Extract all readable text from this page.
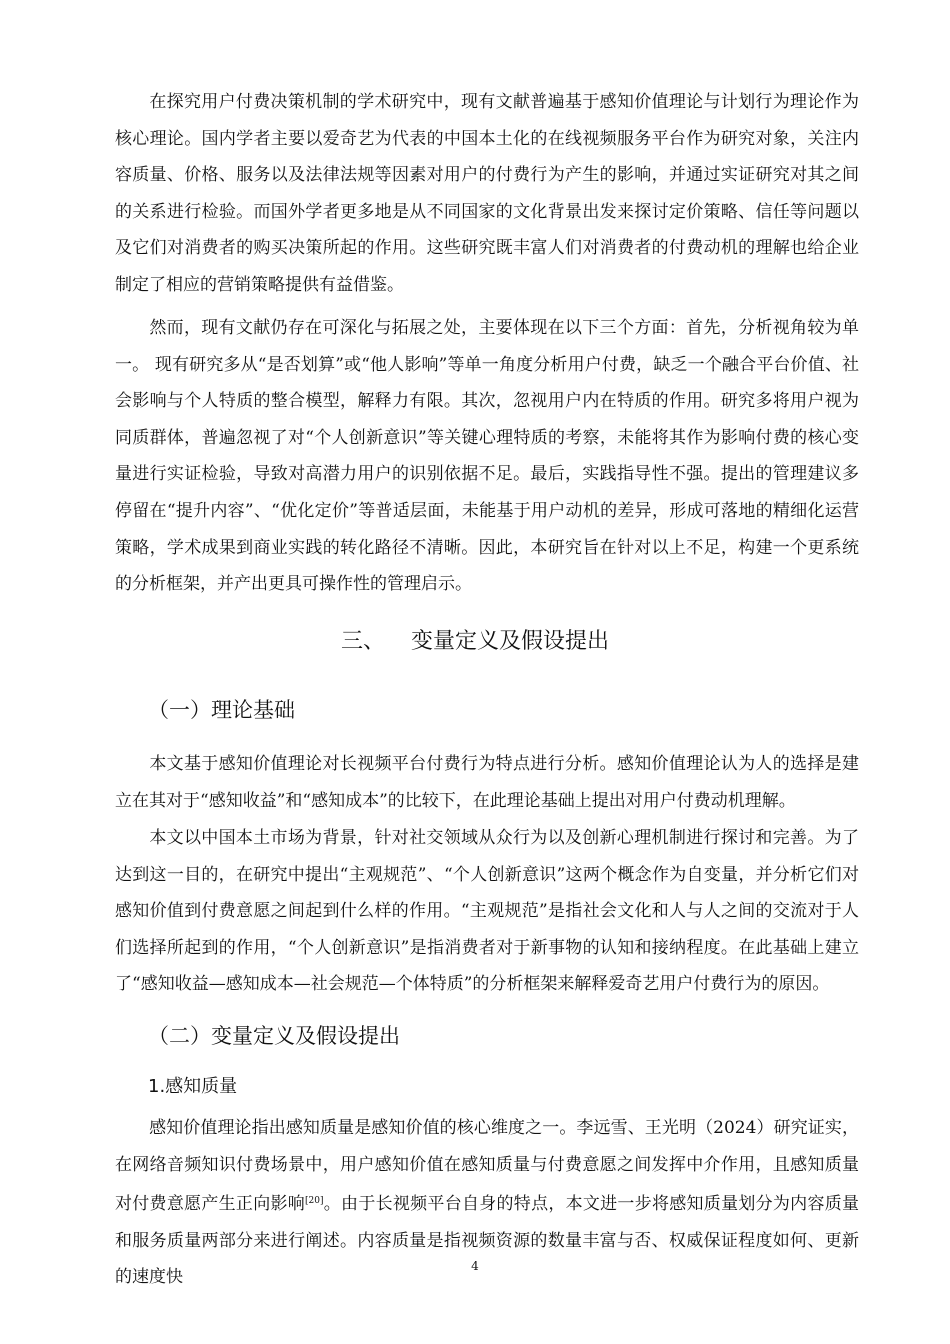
在探究用户付费决策机制的学术研究中，现有文献普遍基于感知价值理论与计划行为理论作为核心理论。国内学者主要以爱奇艺为代表的中国本土化的在线视频服务平台作为研究对象，关注内容质量、价格、服务以及法律法规等因素对用户的付费行为产生的影响，并通过实证研究对其之间的关系进行检验。而国外学者更多地是从不同国家的文化背景出发来探讨定价策略、信任等问题以及它们对消费者的购买决策所起的作用。这些研究既丰富人们对消费者的付费动机的理解也给企业制定了相应的营销策略提供有益借鉴。

然而，现有文献仍存在可深化与拓展之处，主要体现在以下三个方面：首先，分析视角较为单一。 现有研究多从“是否划算”或“他人影响”等单一角度分析用户付费，缺乏一个融合平台价值、社会影响与个人特质的整合模型，解释力有限。其次，忽视用户内在特质的作用。研究多将用户视为同质群体，普遍忽视了对“个人创新意识”等关键心理特质的考察，未能将其作为影响付费的核心变量进行实证检验，导致对高潜力用户的识别依据不足。最后，实践指导性不强。提出的管理建议多停留在“提升内容”、“优化定价”等普适层面，未能基于用户动机的差异，形成可落地的精细化运营策略，学术成果到商业实践的转化路径不清晰。因此，本研究旨在针对以上不足，构建一个更系统的分析框架，并产出更具可操作性的管理启示。

三、 变量定义及假设提出
（一）理论基础

本文基于感知价值理论对长视频平台付费行为特点进行分析。感知价值理论认为人的选择是建立在其对于“感知收益”和“感知成本”的比较下，在此理论基础上提出对用户付费动机理解。

本文以中国本土市场为背景，针对社交领域从众行为以及创新心理机制进行探讨和完善。为了达到这一目的，在研究中提出“主观规范”、“个人创新意识”这两个概念作为自变量，并分析它们对感知价值到付费意愿之间起到什么样的作用。“主观规范”是指社会文化和人与人之间的交流对于人们选择所起到的作用，“个人创新意识”是指消费者对于新事物的认知和接纳程度。在此基础上建立了“感知收益—感知成本—社会规范—个体特质”的分析框架来解释爱奇艺用户付费行为的原因。

（二）变量定义及假设提出
1.感知质量

感知价值理论指出感知质量是感知价值的核心维度之一。李远雪、王光明（2024）研究证实，在网络音频知识付费场景中，用户感知价值在感知质量与付费意愿之间发挥中介作用，且感知质量对付费意愿产生正向影响[20]。由于长视频平台自身的特点，本文进一步将感知质量划分为内容质量和服务质量两部分来进行阐述。内容质量是指视频资源的数量丰富与否、权威保证程度如何、更新的速度快

4
